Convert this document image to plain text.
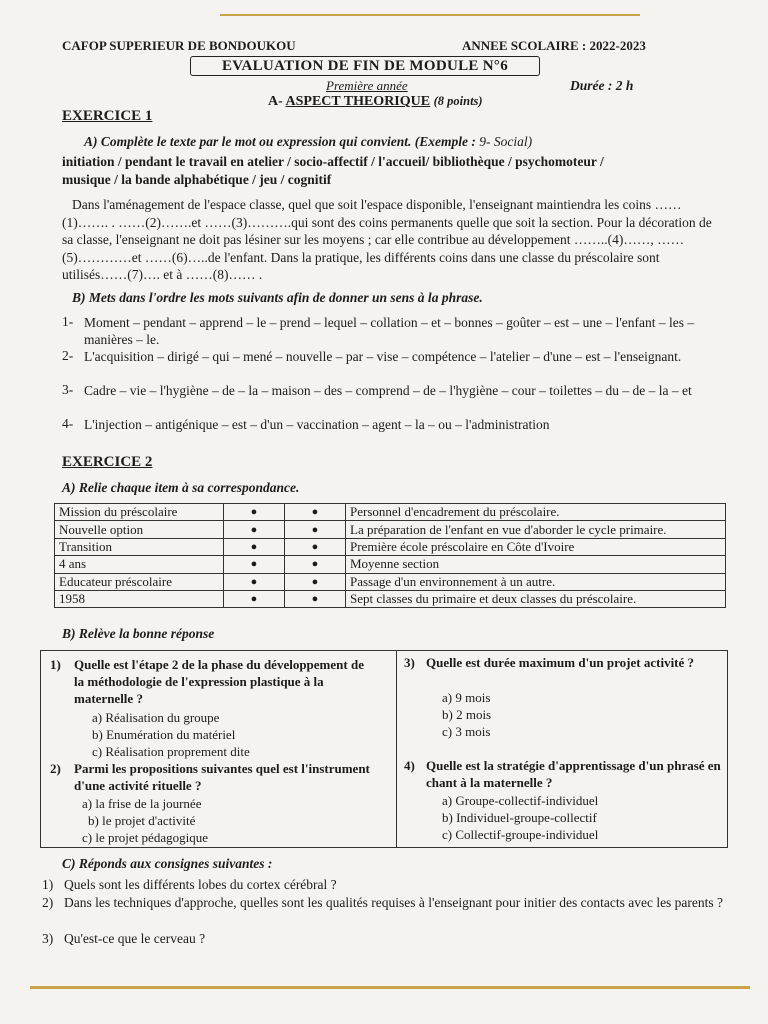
CAFOP SUPERIEUR DE BONDOUKOU	ANNEE SCOLAIRE : 2022-2023
EVALUATION DE FIN DE MODULE N°6
Première année	Durée : 2 h
A- ASPECT THEORIQUE (8 points)
EXERCICE 1
A) Complète le texte par le mot ou expression qui convient. (Exemple : 9- Social)
initiation / pendant le travail en atelier / socio-affectif / l'accueil/ bibliothèque / psychomoteur /
musique / la bande alphabétique / jeu / cognitif
Dans l'aménagement de l'espace classe, quel que soit l'espace disponible, l'enseignant maintiendra les coins ……(1)……. . ……(2)…….et ……(3)……….qui sont des coins permanents quelle que soit la section. Pour la décoration de sa classe, l'enseignant ne doit pas lésiner sur les moyens ; car elle contribue au développement ……..(4)……, ……(5)…………et ……(6)…..de l'enfant. Dans la pratique, les différents coins dans une classe du préscolaire sont utilisés……(7)…. et à ……(8)…… .
B) Mets dans l'ordre les mots suivants afin de donner un sens à la phrase.
1- Moment – pendant – apprend – le – prend – lequel – collation – et – bonnes – goûter – est – une – l'enfant – les – manières – le.
2- L'acquisition – dirigé – qui – mené – nouvelle – par – vise – compétence – l'atelier – d'une – est – l'enseignant.
3- Cadre – vie – l'hygiène – de – la – maison – des – comprend – de – l'hygiène – cour – toilettes – du – de – la – et
4- L'injection – antigénique – est – d'un – vaccination – agent – la – ou – l'administration
EXERCICE 2
A) Relie chaque item à sa correspondance.
Mission du préscolaire	●	●	Personnel d'encadrement du préscolaire.
Nouvelle option	●	●	La préparation de l'enfant en vue d'aborder le cycle primaire.
Transition	●	●	Première école préscolaire en Côte d'Ivoire
4 ans	●	●	Moyenne section
Educateur préscolaire	●	●	Passage d'un environnement à un autre.
1958	●	●	Sept classes du primaire et deux classes du préscolaire.
B) Relève la bonne réponse
1)	Quelle est l'étape 2 de la phase du développement de la méthodologie de l'expression plastique à la maternelle ?
a) Réalisation du groupe
b) Enumération du matériel
c) Réalisation proprement dite
2)	Parmi les propositions suivantes quel est l'instrument d'une activité rituelle ?
a) la frise de la journée
b) le projet d'activité
c) le projet pédagogique
3) Quelle est durée maximum d'un projet activité ?
a) 9 mois
b) 2 mois
c) 3 mois
4) Quelle est la stratégie d'apprentissage d'un phrasé en chant à la maternelle ?
a) Groupe-collectif-individuel
b) Individuel-groupe-collectif
c) Collectif-groupe-individuel
C) Réponds aux consignes suivantes :
1) Quels sont les différents lobes du cortex cérébral ?
2) Dans les techniques d'approche, quelles sont les qualités requises à l'enseignant pour initier des contacts avec les parents ?
3) Qu'est-ce que le cerveau ?
